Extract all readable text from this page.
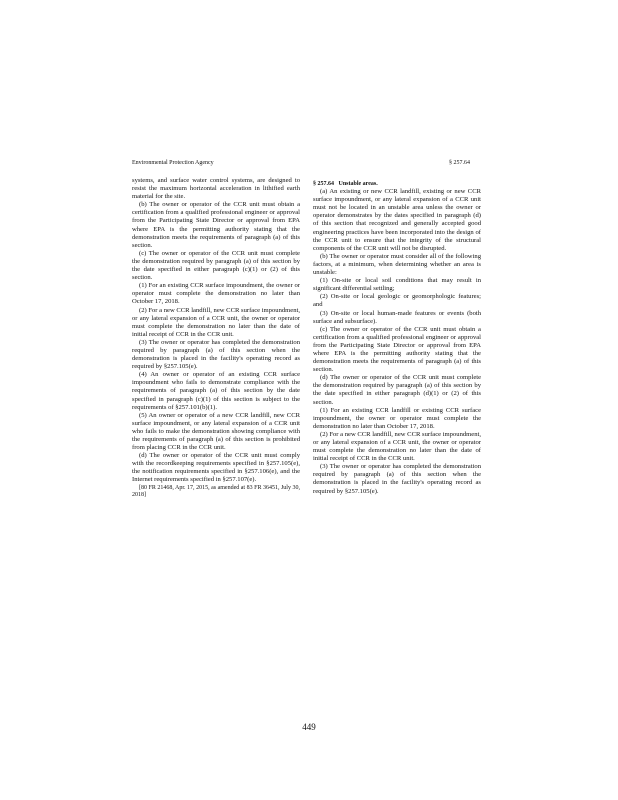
Environmental Protection Agency	§ 257.64

systems, and surface water control systems, are designed to resist the maximum horizontal acceleration in lithified earth material for the site.

(b) The owner or operator of the CCR unit must obtain a certification from a qualified professional engineer or approval from the Participating State Director or approval from EPA where EPA is the permitting authority stating that the demonstration meets the requirements of paragraph (a) of this section.

(c) The owner or operator of the CCR unit must complete the demonstration required by paragraph (a) of this section by the date specified in either paragraph (c)(1) or (2) of this section.

(1) For an existing CCR surface impoundment, the owner or operator must complete the demonstration no later than October 17, 2018.

(2) For a new CCR landfill, new CCR surface impoundment, or any lateral expansion of a CCR unit, the owner or operator must complete the demonstration no later than the date of initial receipt of CCR in the CCR unit.

(3) The owner or operator has completed the demonstration required by paragraph (a) of this section when the demonstration is placed in the facility's operating record as required by §257.105(e).

(4) An owner or operator of an existing CCR surface impoundment who fails to demonstrate compliance with the requirements of paragraph (a) of this section by the date specified in paragraph (c)(1) of this section is subject to the requirements of §257.101(b)(1).

(5) An owner or operator of a new CCR landfill, new CCR surface impoundment, or any lateral expansion of a CCR unit who fails to make the demonstration showing compliance with the requirements of paragraph (a) of this section is prohibited from placing CCR in the CCR unit.

(d) The owner or operator of the CCR unit must comply with the recordkeeping requirements specified in §257.105(e), the notification requirements specified in §257.106(e), and the Internet requirements specified in §257.107(e).

[80 FR 21468, Apr. 17, 2015, as amended at 83 FR 36451, July 30, 2018]

§ 257.64 Unstable areas.

(a) An existing or new CCR landfill, existing or new CCR surface impoundment, or any lateral expansion of a CCR unit must not be located in an unstable area unless the owner or operator demonstrates by the dates specified in paragraph (d) of this section that recognized and generally accepted good engineering practices have been incorporated into the design of the CCR unit to ensure that the integrity of the structural components of the CCR unit will not be disrupted.

(b) The owner or operator must consider all of the following factors, at a minimum, when determining whether an area is unstable:

(1) On-site or local soil conditions that may result in significant differential settling;

(2) On-site or local geologic or geomorphologic features; and

(3) On-site or local human-made features or events (both surface and subsurface).

(c) The owner or operator of the CCR unit must obtain a certification from a qualified professional engineer or approval from the Participating State Director or approval from EPA where EPA is the permitting authority stating that the demonstration meets the requirements of paragraph (a) of this section.

(d) The owner or operator of the CCR unit must complete the demonstration required by paragraph (a) of this section by the date specified in either paragraph (d)(1) or (2) of this section.

(1) For an existing CCR landfill or existing CCR surface impoundment, the owner or operator must complete the demonstration no later than October 17, 2018.

(2) For a new CCR landfill, new CCR surface impoundment, or any lateral expansion of a CCR unit, the owner or operator must complete the demonstration no later than the date of initial receipt of CCR in the CCR unit.

(3) The owner or operator has completed the demonstration required by paragraph (a) of this section when the demonstration is placed in the facility's operating record as required by §257.105(e).

449
